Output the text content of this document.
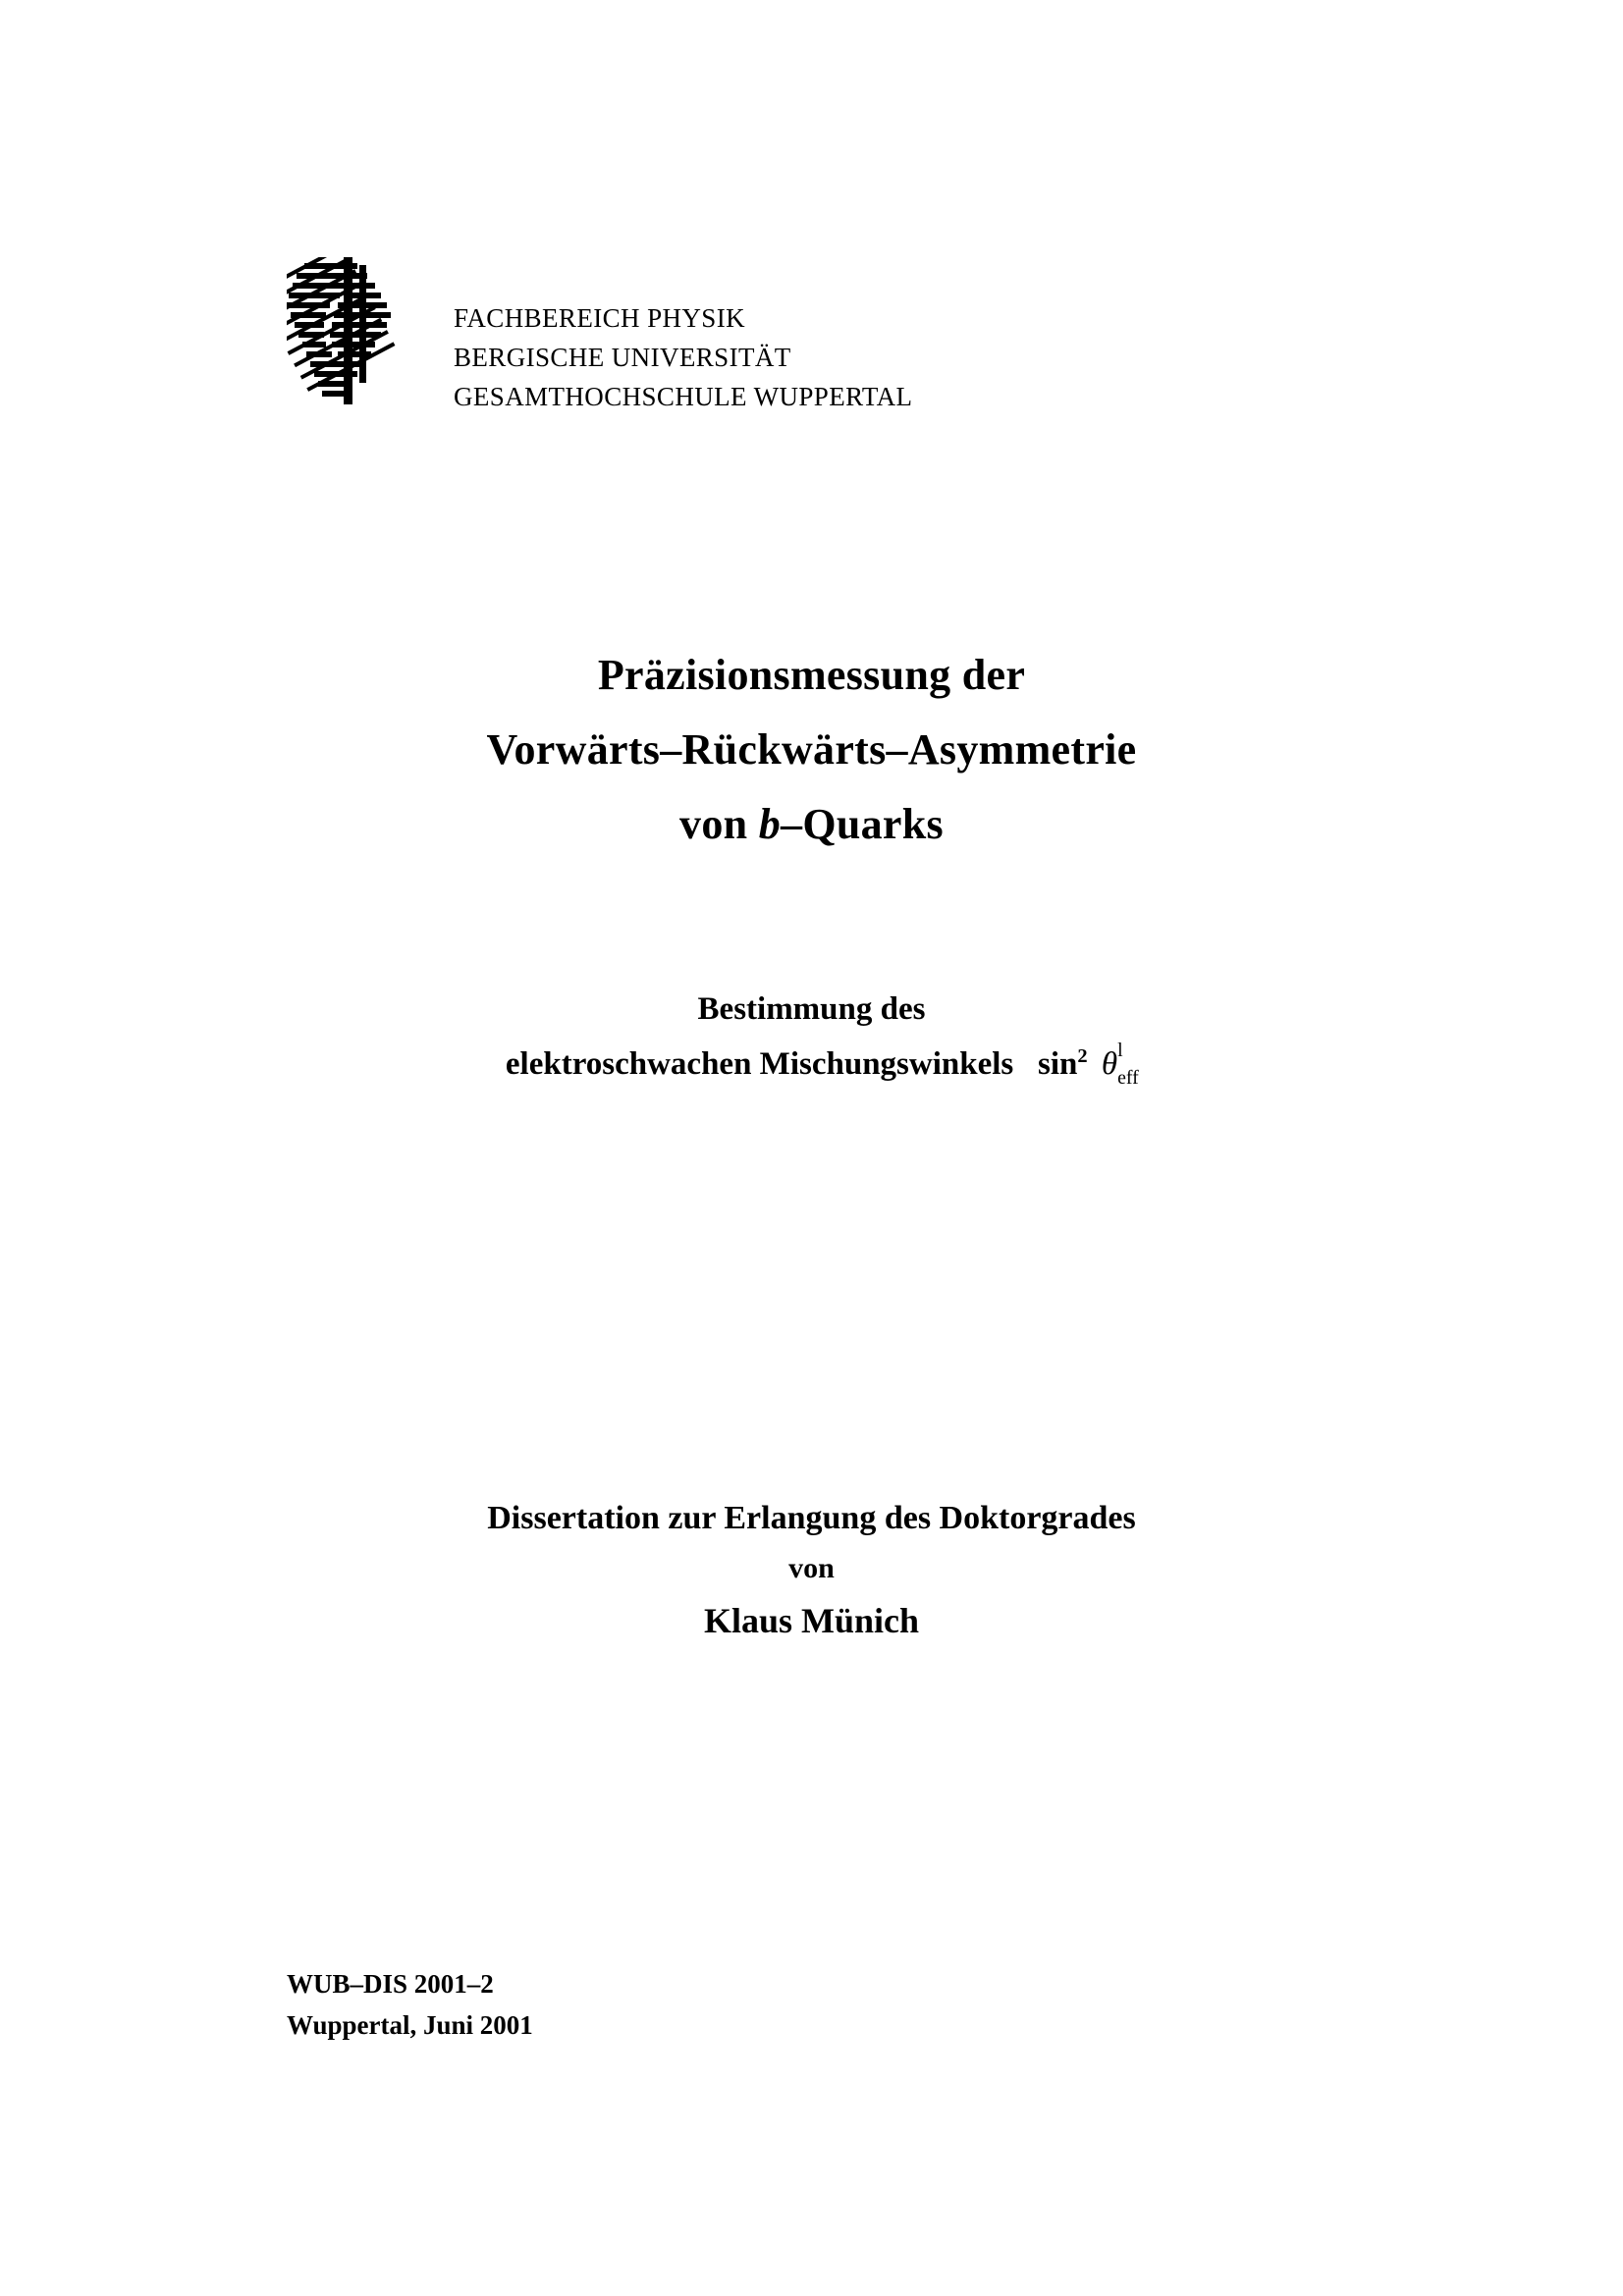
FACHBEREICH PHYSIK
BERGISCHE UNIVERSITÄT
GESAMTHOCHSCHULE WUPPERTAL
Präzisionsmessung der
Vorwärts–Rückwärts–Asymmetrie
von b–Quarks
Bestimmung des
elektroschwachen Mischungswinkels $\sin^2 \theta$ l
eff
Dissertation zur Erlangung des Doktorgrades
von
Klaus Münich
WUB–DIS 2001–2
Wuppertal, Juni 2001
